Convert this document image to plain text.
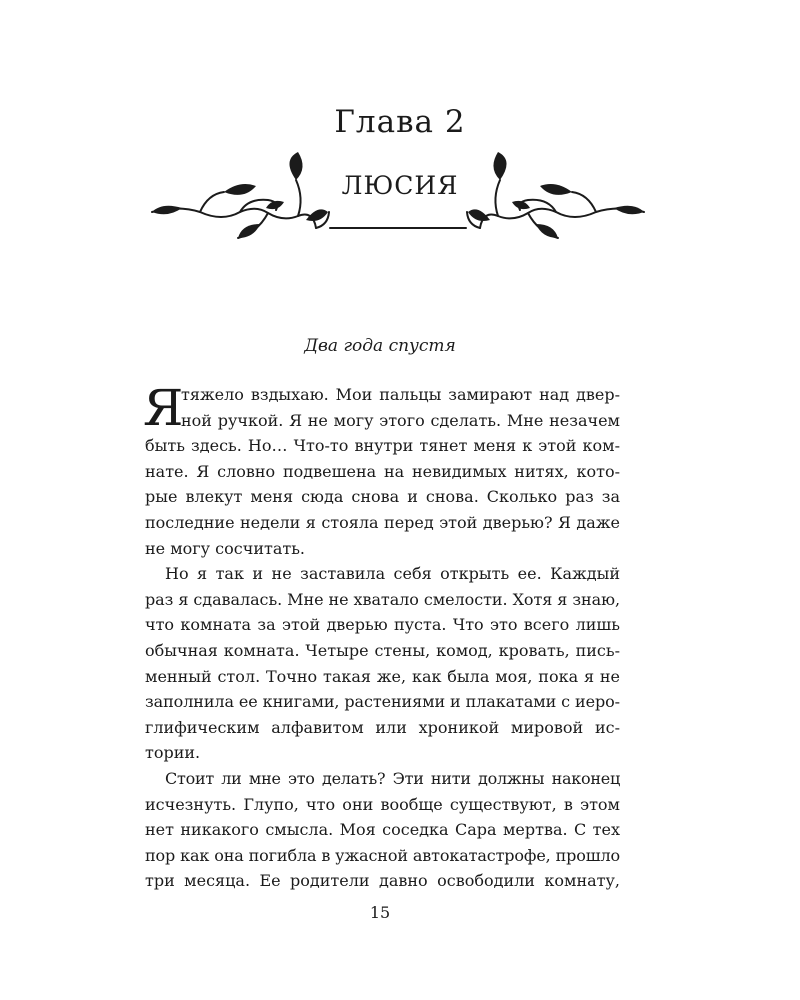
Глава 2
ЛЮСИЯ
Два года спустя
Я
тяжело вздыхаю. Мои пальцы замирают над двер-
ной ручкой. Я не могу этого сделать. Мне незачем
быть здесь. Но… Что-то внутри тянет меня к этой ком-
нате. Я словно подвешена на невидимых нитях, кото-
рые влекут меня сюда снова и снова. Сколько раз за
последние недели я стояла перед этой дверью? Я даже
не могу сосчитать.
Но я так и не заставила себя открыть ее. Каждый
раз я сдавалась. Мне не хватало смелости. Хотя я знаю,
что комната за этой дверью пуста. Что это всего лишь
обычная комната. Четыре стены, комод, кровать, пись-
менный стол. Точно такая же, как была моя, пока я не
заполнила ее книгами, растениями и плакатами с иеро-
глифическим алфавитом или хроникой мировой ис-
тории.
Стоит ли мне это делать? Эти нити должны наконец
исчезнуть. Глупо, что они вообще существуют, в этом
нет никакого смысла. Моя соседка Сара мертва. С тех
пор как она погибла в ужасной автокатастрофе, прошло
три месяца. Ее родители давно освободили комнату,
15
